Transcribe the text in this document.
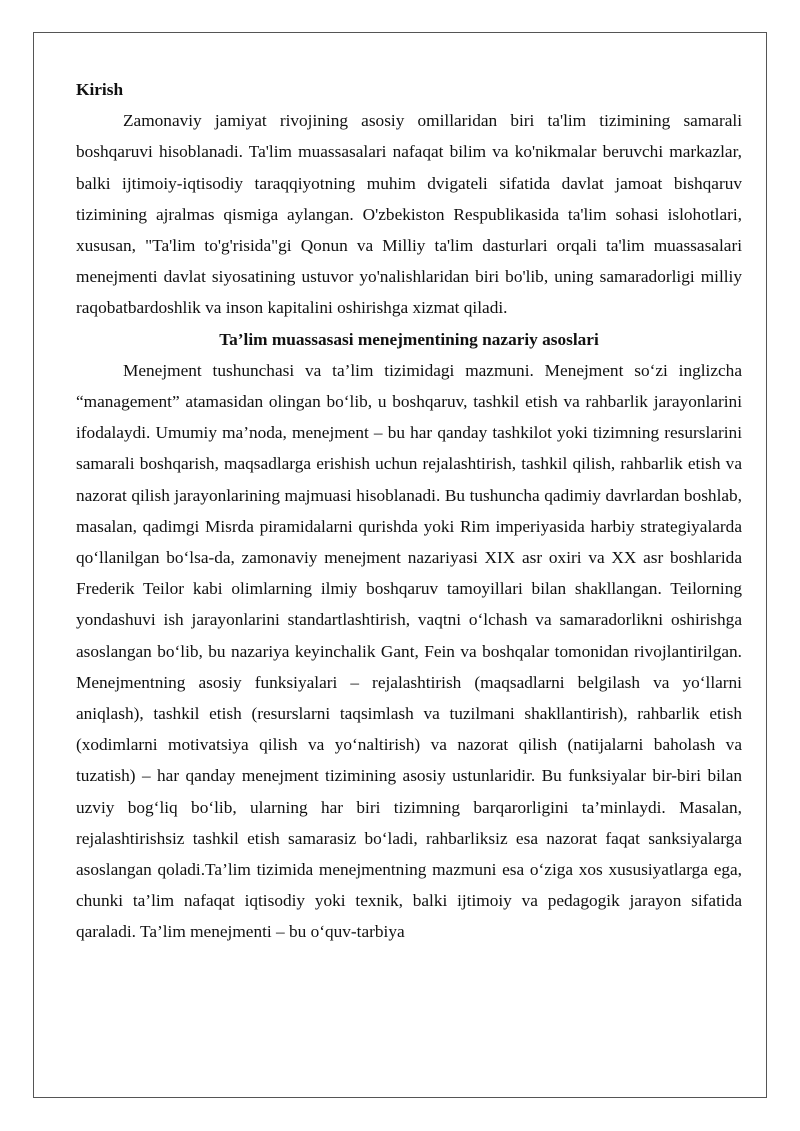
Kirish

Zamonaviy jamiyat rivojining asosiy omillaridan biri ta'lim tizimining samarali boshqaruvi hisoblanadi. Ta'lim muassasalari nafaqat bilim va ko'nikmalar beruvchi markazlar, balki ijtimoiy-iqtisodiy taraqqiyotning muhim dvigateli sifatida davlat jamoat bishqaruv tizimining ajralmas qismiga aylangan. O'zbekiston Respublikasida ta'lim sohasi islohotlari, xususan, "Ta'lim to'g'risida"gi Qonun va Milliy ta'lim dasturlari orqali ta'lim muassasalari menejmenti davlat siyosatining ustuvor yo'nalishlaridan biri bo'lib, uning samaradorligi milliy raqobatbardoshlik va inson kapitalini oshirishga xizmat qiladi.

Ta’lim muassasasi menejmentining nazariy asoslari

Menejment tushunchasi va ta’lim tizimidagi mazmuni. Menejment so‘zi inglizcha “management” atamasidan olingan bo‘lib, u boshqaruv, tashkil etish va rahbarlik jarayonlarini ifodalaydi. Umumiy ma’noda, menejment – bu har qanday tashkilot yoki tizimning resurslarini samarali boshqarish, maqsadlarga erishish uchun rejalashtirish, tashkil qilish, rahbarlik etish va nazorat qilish jarayonlarining majmuasi hisoblanadi. Bu tushuncha qadimiy davrlardan boshlab, masalan, qadimgi Misrda piramidalarni qurishda yoki Rim imperiyasida harbiy strategiyalarda qo‘llanilgan bo‘lsa-da, zamonaviy menejment nazariyasi XIX asr oxiri va XX asr boshlarida Frederik Teilor kabi olimlarning ilmiy boshqaruv tamoyillari bilan shakllangan. Teilorning yondashuvi ish jarayonlarini standartlashtirish, vaqtni o‘lchash va samaradorlikni oshirishga asoslangan bo‘lib, bu nazariya keyinchalik Gant, Fein va boshqalar tomonidan rivojlantirilgan. Menejmentning asosiy funksiyalari – rejalashtirish (maqsadlarni belgilash va yo‘llarni aniqlash), tashkil etish (resurslarni taqsimlash va tuzilmani shakllantirish), rahbarlik etish (xodimlarni motivatsiya qilish va yo‘naltirish) va nazorat qilish (natijalarni baholash va tuzatish) – har qanday menejment tizimining asosiy ustunlaridir. Bu funksiyalar bir-biri bilan uzviy bog‘liq bo‘lib, ularning har biri tizimning barqarorligini ta’minlaydi. Masalan, rejalashtirishsiz tashkil etish samarasiz bo‘ladi, rahbarliksiz esa nazorat faqat sanksiyalarga asoslangan qoladi.Ta’lim tizimida menejmentning mazmuni esa o‘ziga xos xususiyatlarga ega, chunki ta’lim nafaqat iqtisodiy yoki texnik, balki ijtimoiy va pedagogik jarayon sifatida qaraladi. Ta’lim menejmenti – bu o‘quv-tarbiya
